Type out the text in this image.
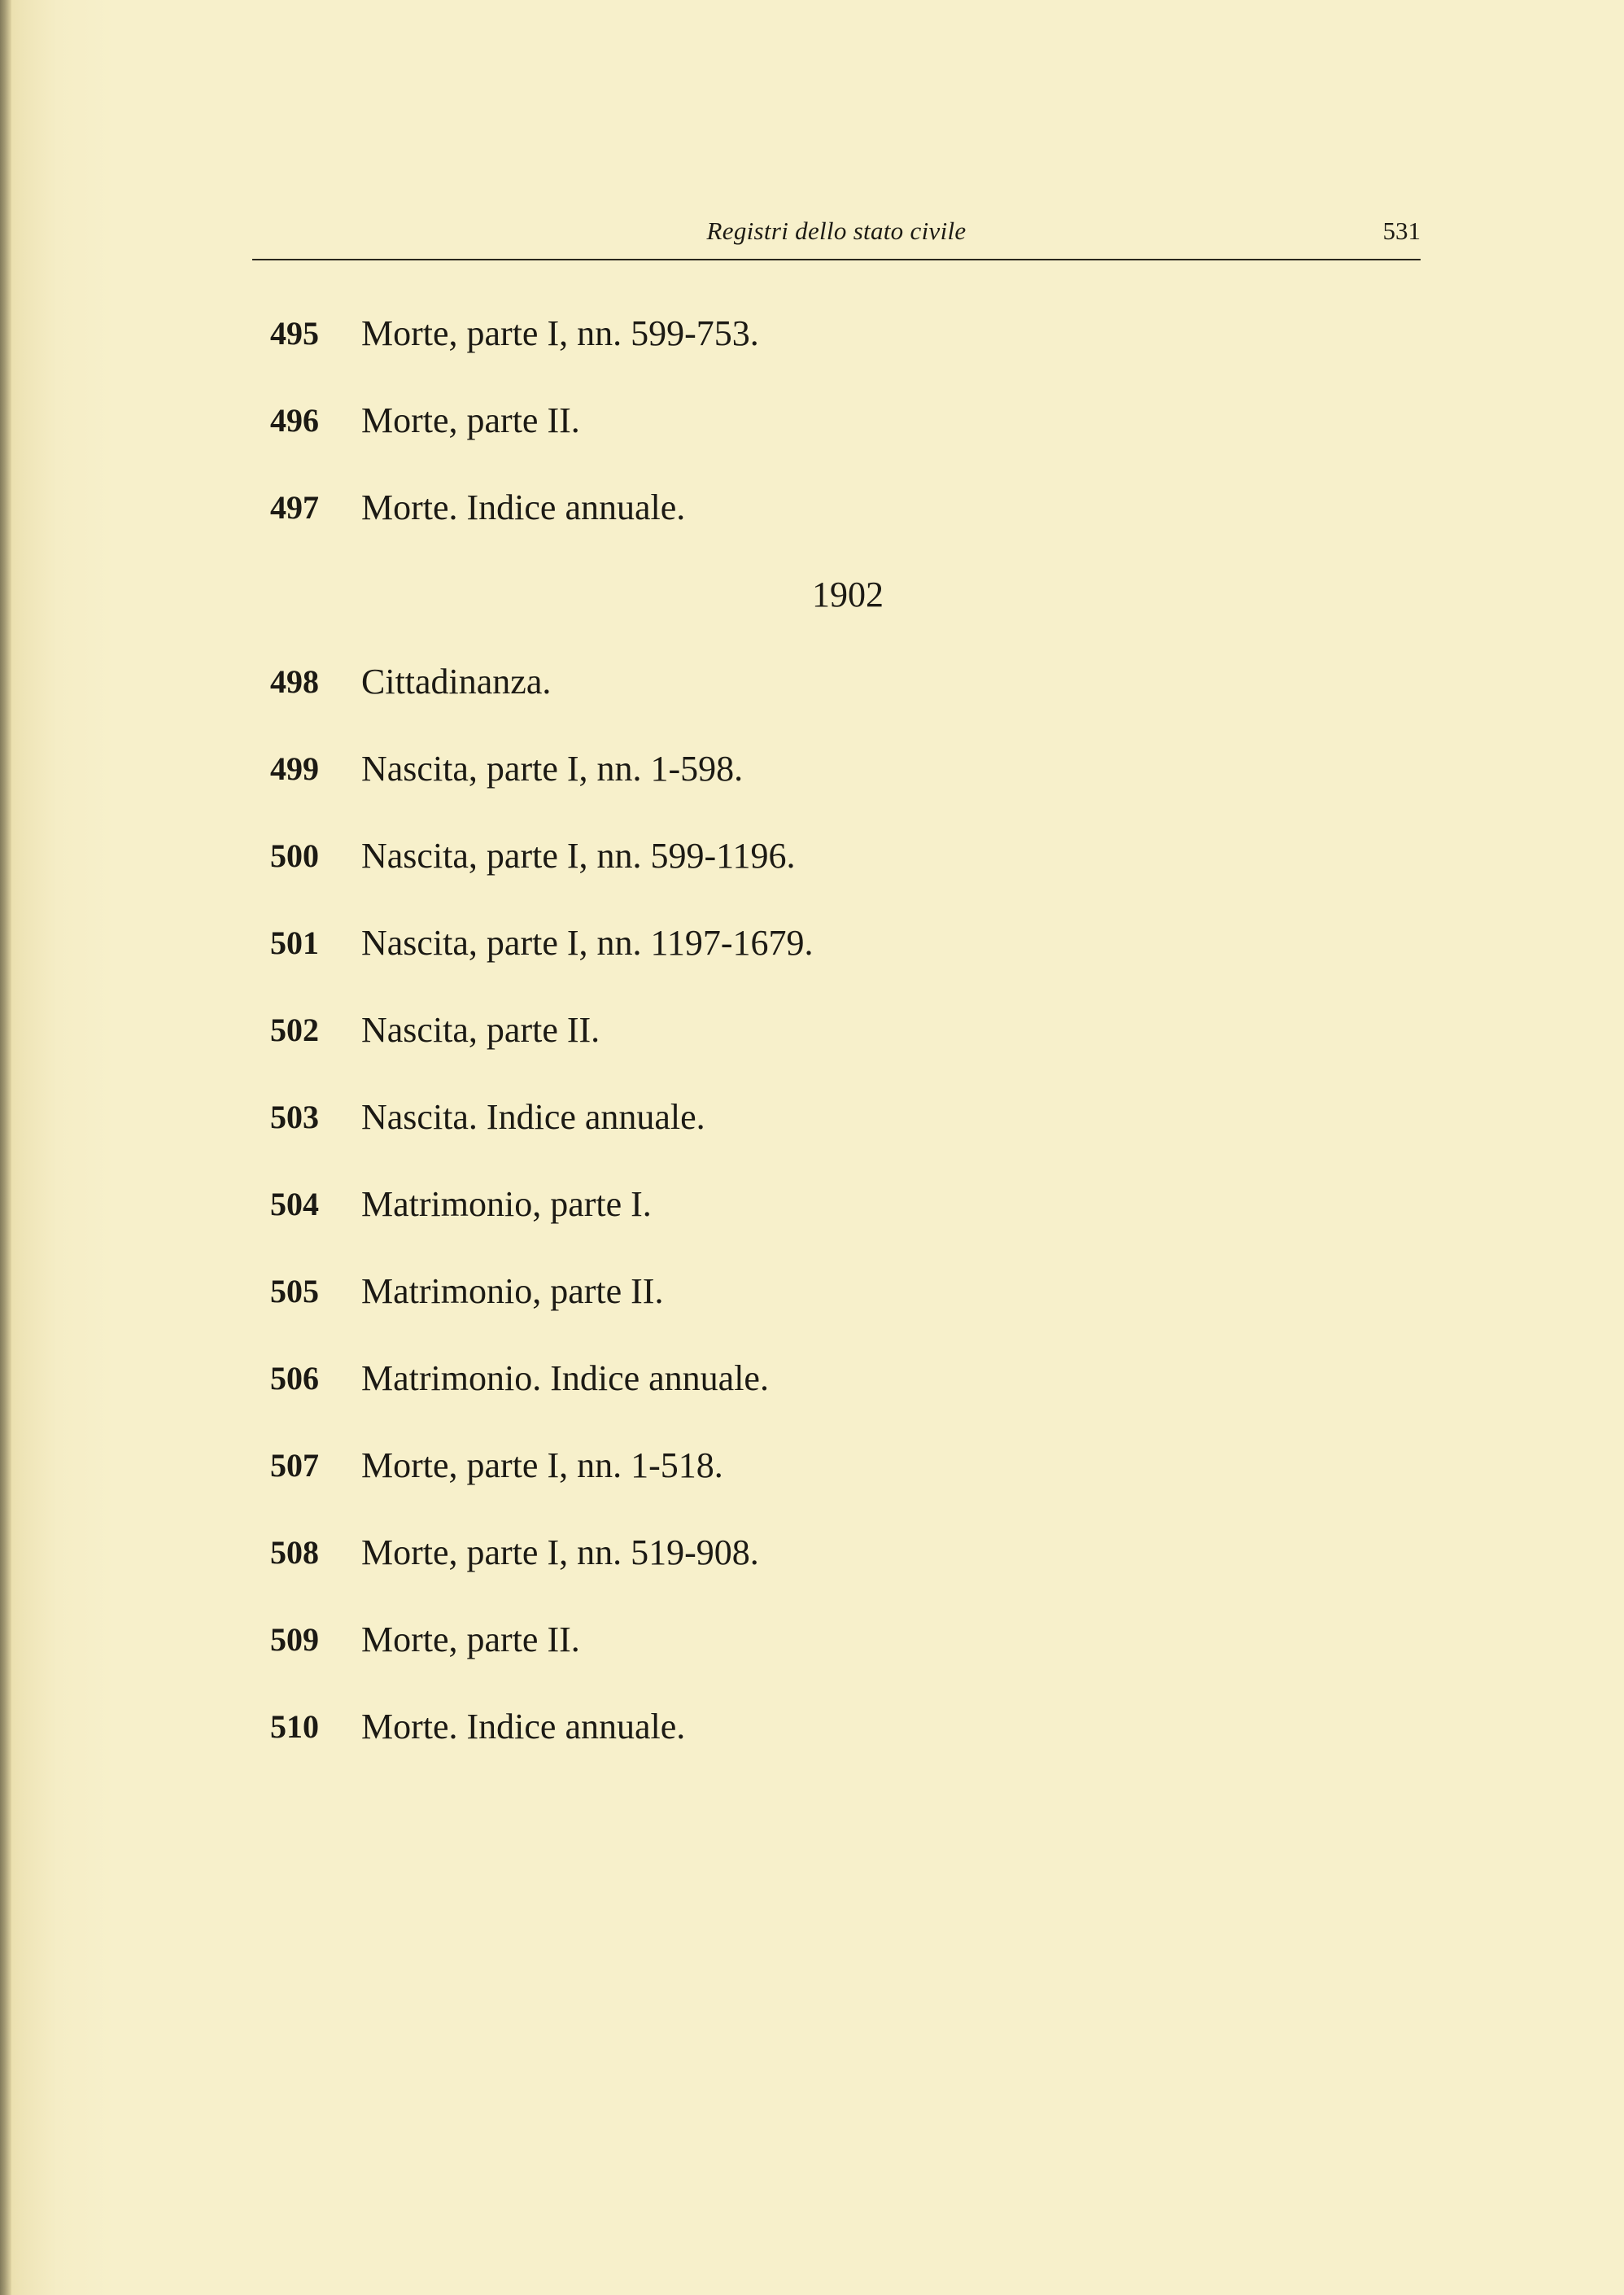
Registri dello stato civile	531
495 Morte, parte I, nn. 599-753.
496 Morte, parte II.
497 Morte. Indice annuale.
1902
498 Cittadinanza.
499 Nascita, parte I, nn. 1-598.
500 Nascita, parte I, nn. 599-1196.
501 Nascita, parte I, nn. 1197-1679.
502 Nascita, parte II.
503 Nascita. Indice annuale.
504 Matrimonio, parte I.
505 Matrimonio, parte II.
506 Matrimonio. Indice annuale.
507 Morte, parte I, nn. 1-518.
508 Morte, parte I, nn. 519-908.
509 Morte, parte II.
510 Morte. Indice annuale.
